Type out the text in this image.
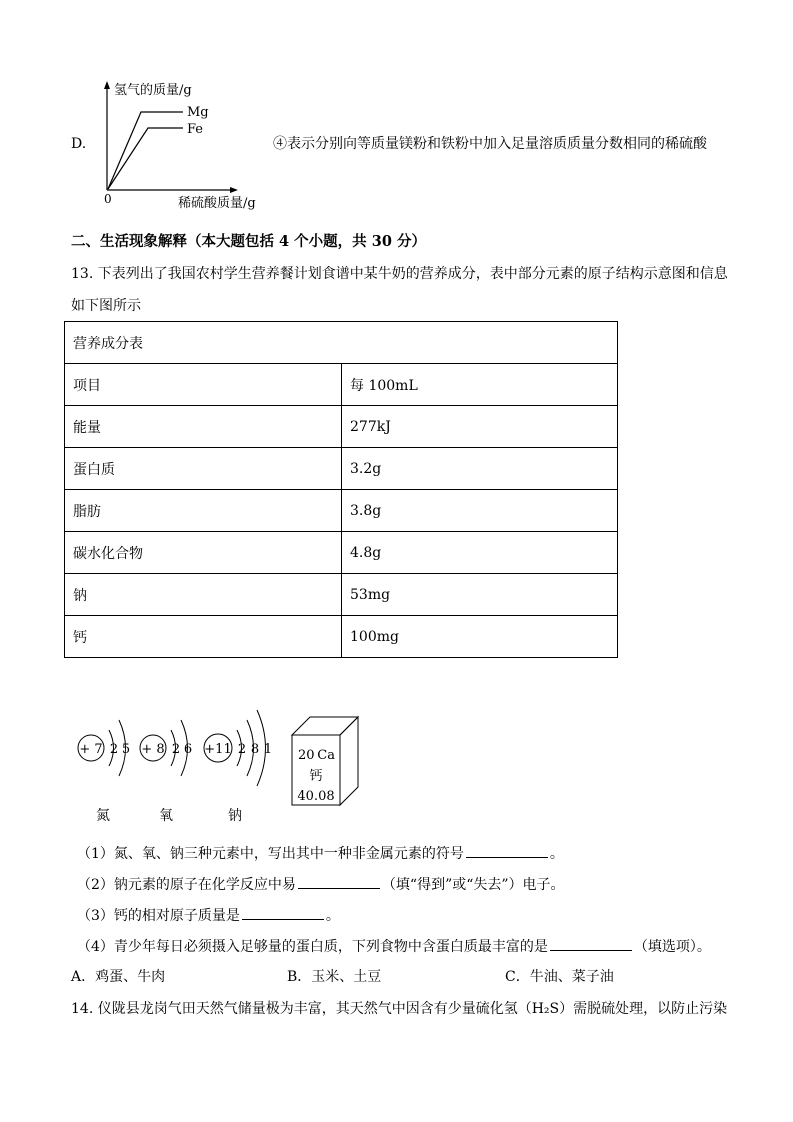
D.
氢气的质量/g
Mg
Fe
0	稀硫酸质量/g
④表示分别向等质量镁粉和铁粉中加入足量溶质质量分数相同的稀硫酸
二、生活现象解释（本大题包括 4 个小题，共 30 分）
13. 下表列出了我国农村学生营养餐计划食谱中某牛奶的营养成分，表中部分元素的原子结构示意图和信息
如下图所示
营养成分表	
项目	每 100mL
能量	277kJ
蛋白质	3.2g
脂肪	3.8g
碳水化合物	4.8g
钠	53mg
钙	100mg
+ 7 2 5
氮
+ 8 2 6
氧
+11 2 8 1
钠
20 Ca
钙
40.08
（1）氮、氧、钠三种元素中，写出其中一种非金属元素的符号	。
（2）钠元素的原子在化学反应中易	（填“得到”或“失去”）电子。
（3）钙的相对原子质量是	。
（4）青少年每日必须摄入足够量的蛋白质，下列食物中含蛋白质最丰富的是	（填选项）。
A．鸡蛋、牛肉	B．玉米、土豆	C．牛油、菜子油
14. 仪陇县龙岗气田天然气储量极为丰富，其天然气中因含有少量硫化氢（H₂S）需脱硫处理，以防止污染
